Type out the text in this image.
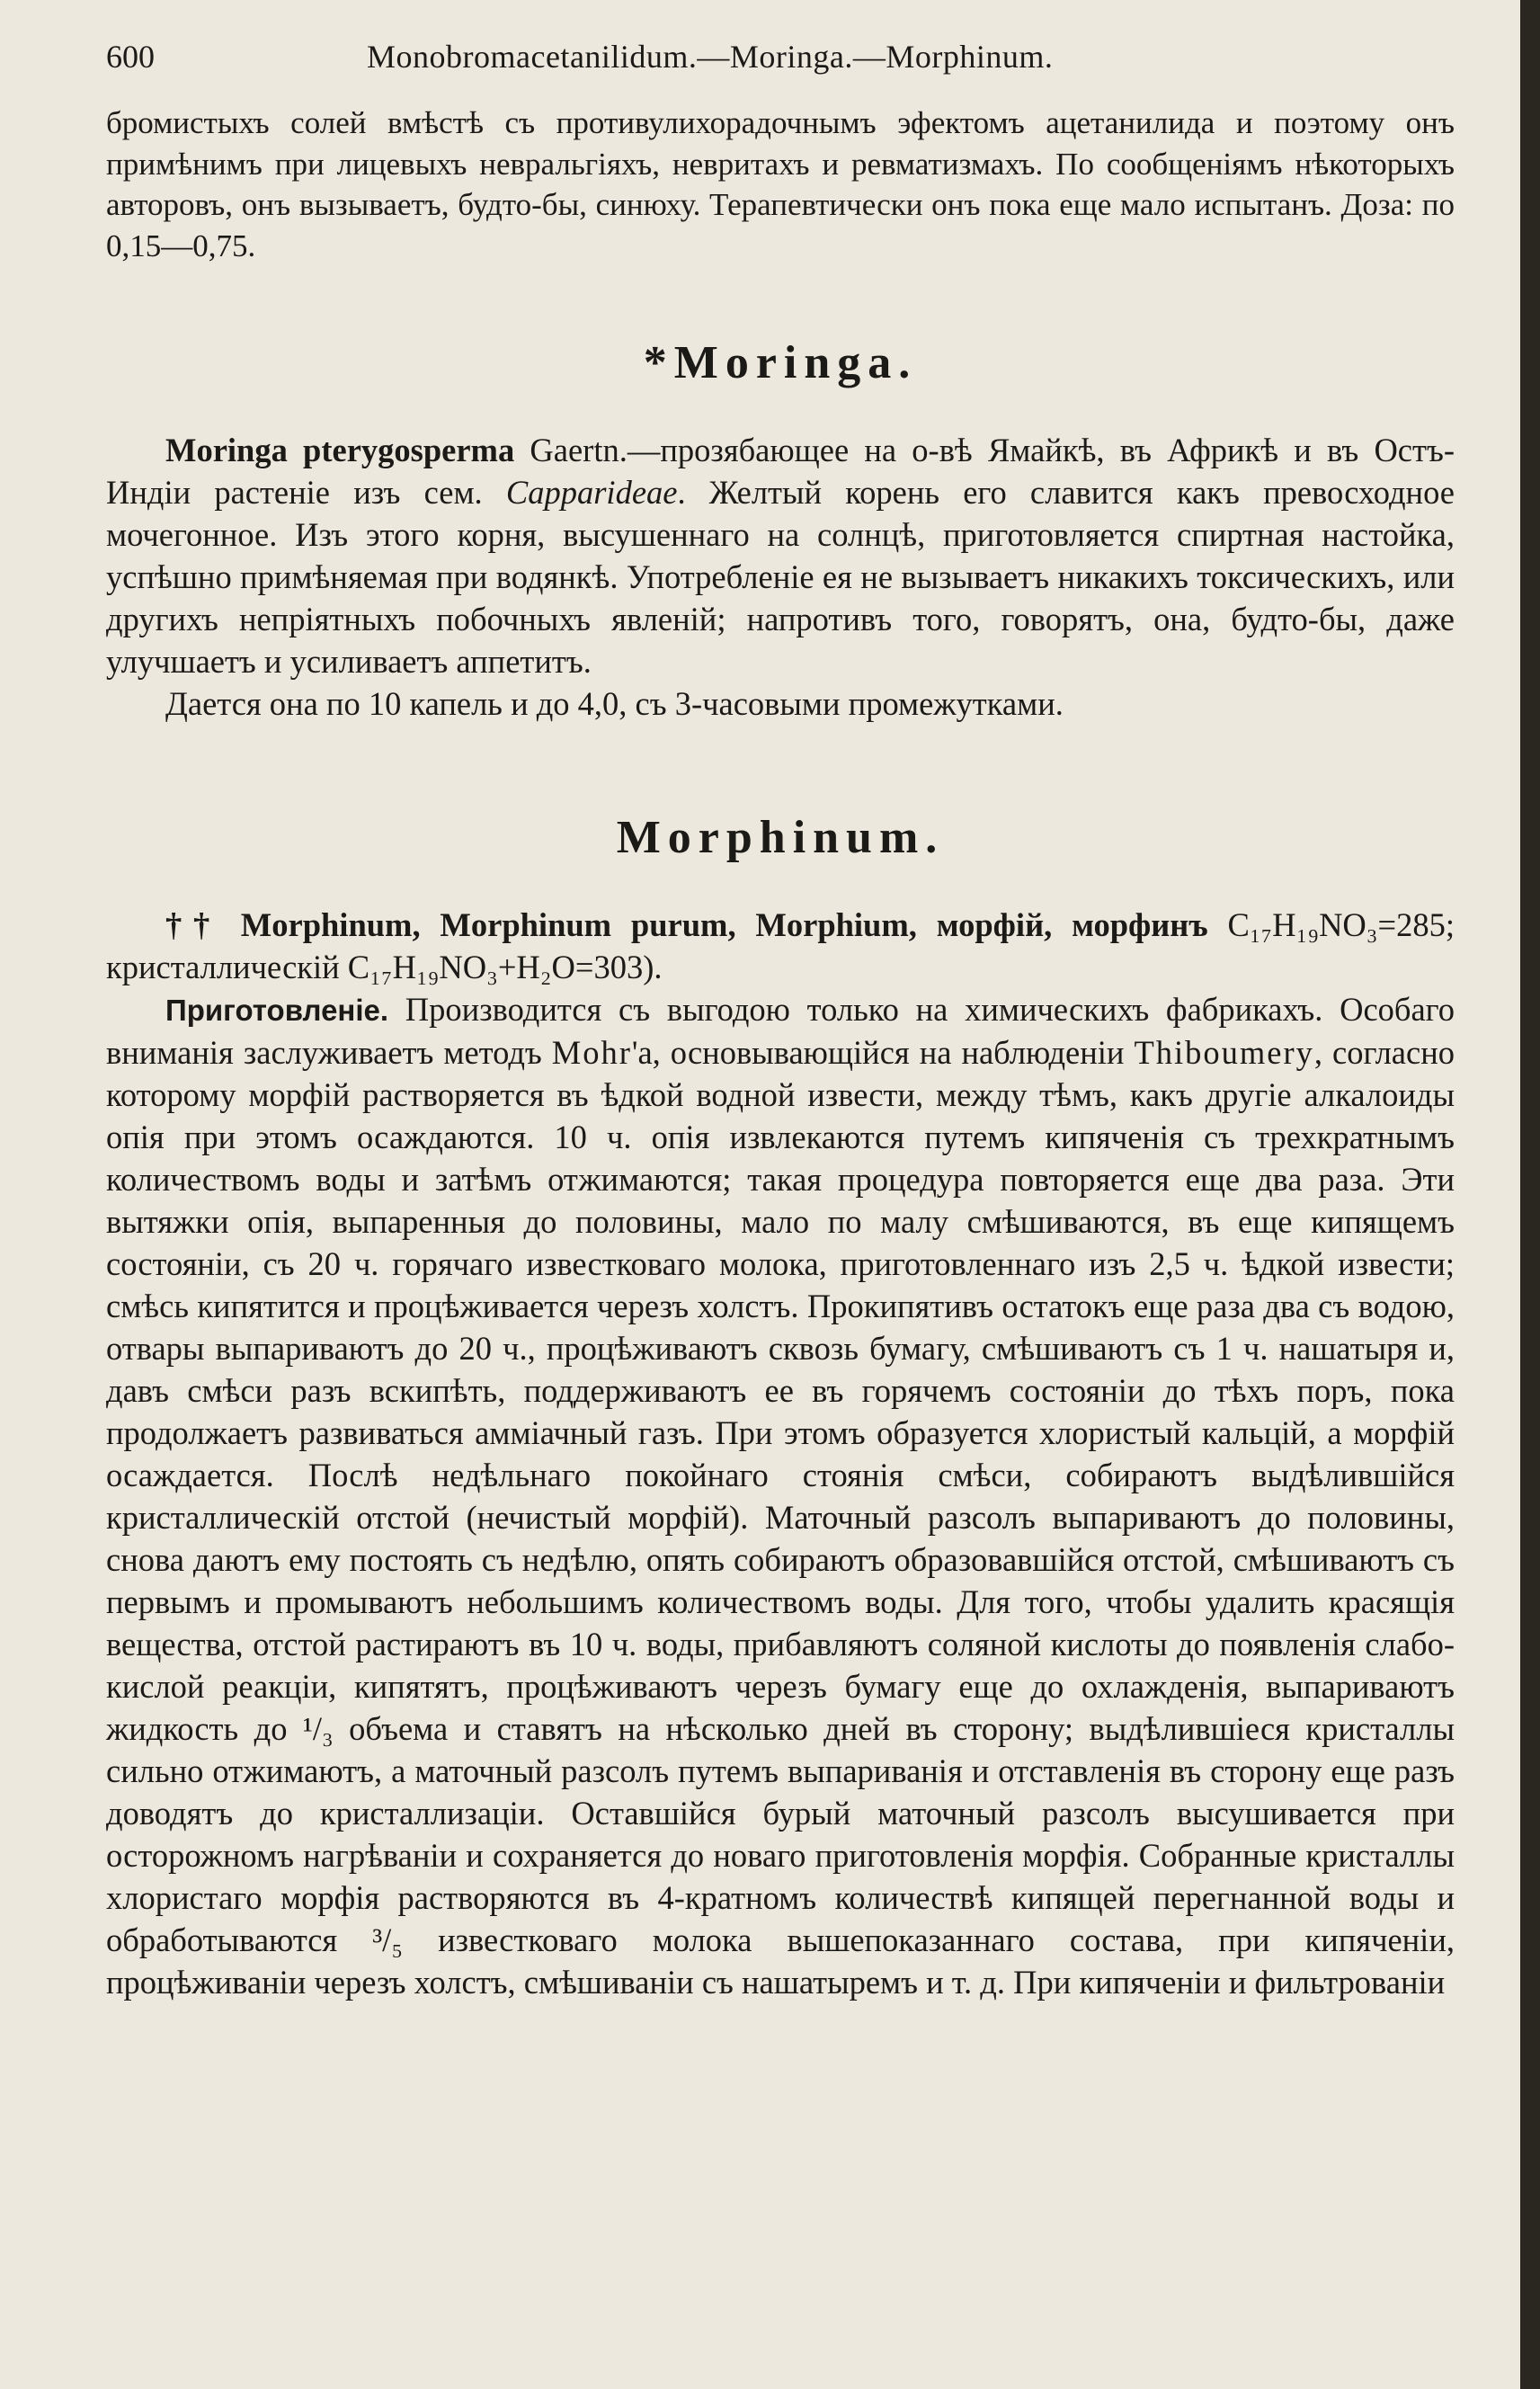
600	Monobromacetanilidum.—Moringa.—Morphinum.

бромистыхъ солей вмѣстѣ съ противулихорадочнымъ эфектомъ ацетанилида и поэтому онъ примѣнимъ при лицевыхъ невральгіяхъ, невритахъ и ревматизмахъ. По сообщеніямъ нѣкоторыхъ авторовъ, онъ вызываетъ, будто-бы, синюху. Терапевтически онъ пока еще мало испытанъ. Доза: по 0,15—0,75.

*Moringa.

Moringa pterygosperma Gaertn.—прозябающее на о-вѣ Ямайкѣ, въ Африкѣ и въ Остъ-Индіи растеніе изъ сем. Capparideae. Желтый корень его славится какъ превосходное мочегонное. Изъ этого корня, высушеннаго на солнцѣ, приготовляется спиртная настойка, успѣшно примѣняемая при водянкѣ. Употребленіе ея не вызываетъ никакихъ токсическихъ, или другихъ непріятныхъ побочныхъ явленій; напротивъ того, говорятъ, она, будто-бы, даже улучшаетъ и усиливаетъ аппетитъ.

Дается она по 10 капель и до 4,0, съ 3-часовыми промежутками.

Morphinum.

†† Morphinum, Morphinum purum, Morphium, морфій, морфинъ C₁₇H₁₉NO₃=285; кристаллическій C₁₇H₁₉NO₃+H₂O=303).

Приготовленіе. Производится съ выгодою только на химическихъ фабрикахъ. Особаго вниманія заслуживаетъ методъ Mohr'а, основывающійся на наблюденіи Thiboumery, согласно которому морфій растворяется въ ѣдкой водной извести, между тѣмъ, какъ другіе алкалоиды опія при этомъ осаждаются. 10 ч. опія извлекаются путемъ кипяченія съ трехкратнымъ количествомъ воды и затѣмъ отжимаются; такая процедура повторяется еще два раза. Эти вытяжки опія, выпаренныя до половины, мало по малу смѣшиваются, въ еще кипящемъ состояніи, съ 20 ч. горячаго известковаго молока, приготовленнаго изъ 2,5 ч. ѣдкой извести; смѣсь кипятится и процѣживается черезъ холстъ. Прокипятивъ остатокъ еще раза два съ водою, отвары выпариваютъ до 20 ч., процѣживаютъ сквозь бумагу, смѣшиваютъ съ 1 ч. нашатыря и, давъ смѣси разъ вскипѣть, поддерживаютъ ее въ горячемъ состояніи до тѣхъ поръ, пока продолжаетъ развиваться аммiачный газъ. При этомъ образуется хлористый кальцій, а морфій осаждается. Послѣ недѣльнаго покойнаго стоянія смѣси, собираютъ выдѣлившійся кристаллическій отстой (нечистый морфій). Маточный разсолъ выпариваютъ до половины, снова даютъ ему постоять съ недѣлю, опять собираютъ образовавшійся отстой, смѣшиваютъ съ первымъ и промываютъ небольшимъ количествомъ воды. Для того, чтобы удалить красящія вещества, отстой растираютъ въ 10 ч. воды, прибавляютъ соляной кислоты до появленія слабо-кислой реакціи, кипятятъ, процѣживаютъ черезъ бумагу еще до охлажденія, выпариваютъ жидкость до ¹/₃ объема и ставятъ на нѣсколько дней въ сторону; выдѣлившіеся кристаллы сильно отжимаютъ, а маточный разсолъ путемъ выпариванія и отставленія въ сторону еще разъ доводятъ до кристаллизаціи. Оставшійся бурый маточный разсолъ высушивается при осторожномъ нагрѣваніи и сохраняется до новаго приготовленія морфія. Собранные кристаллы хлористаго морфія растворяются въ 4-кратномъ количествѣ кипящей перегнанной воды и обработываются ³/₅ известковаго молока вышепоказаннаго состава, при кипяченіи, процѣживаніи черезъ холстъ, смѣшиваніи съ нашатыремъ и т. д. При кипяченіи и фильтрованіи
